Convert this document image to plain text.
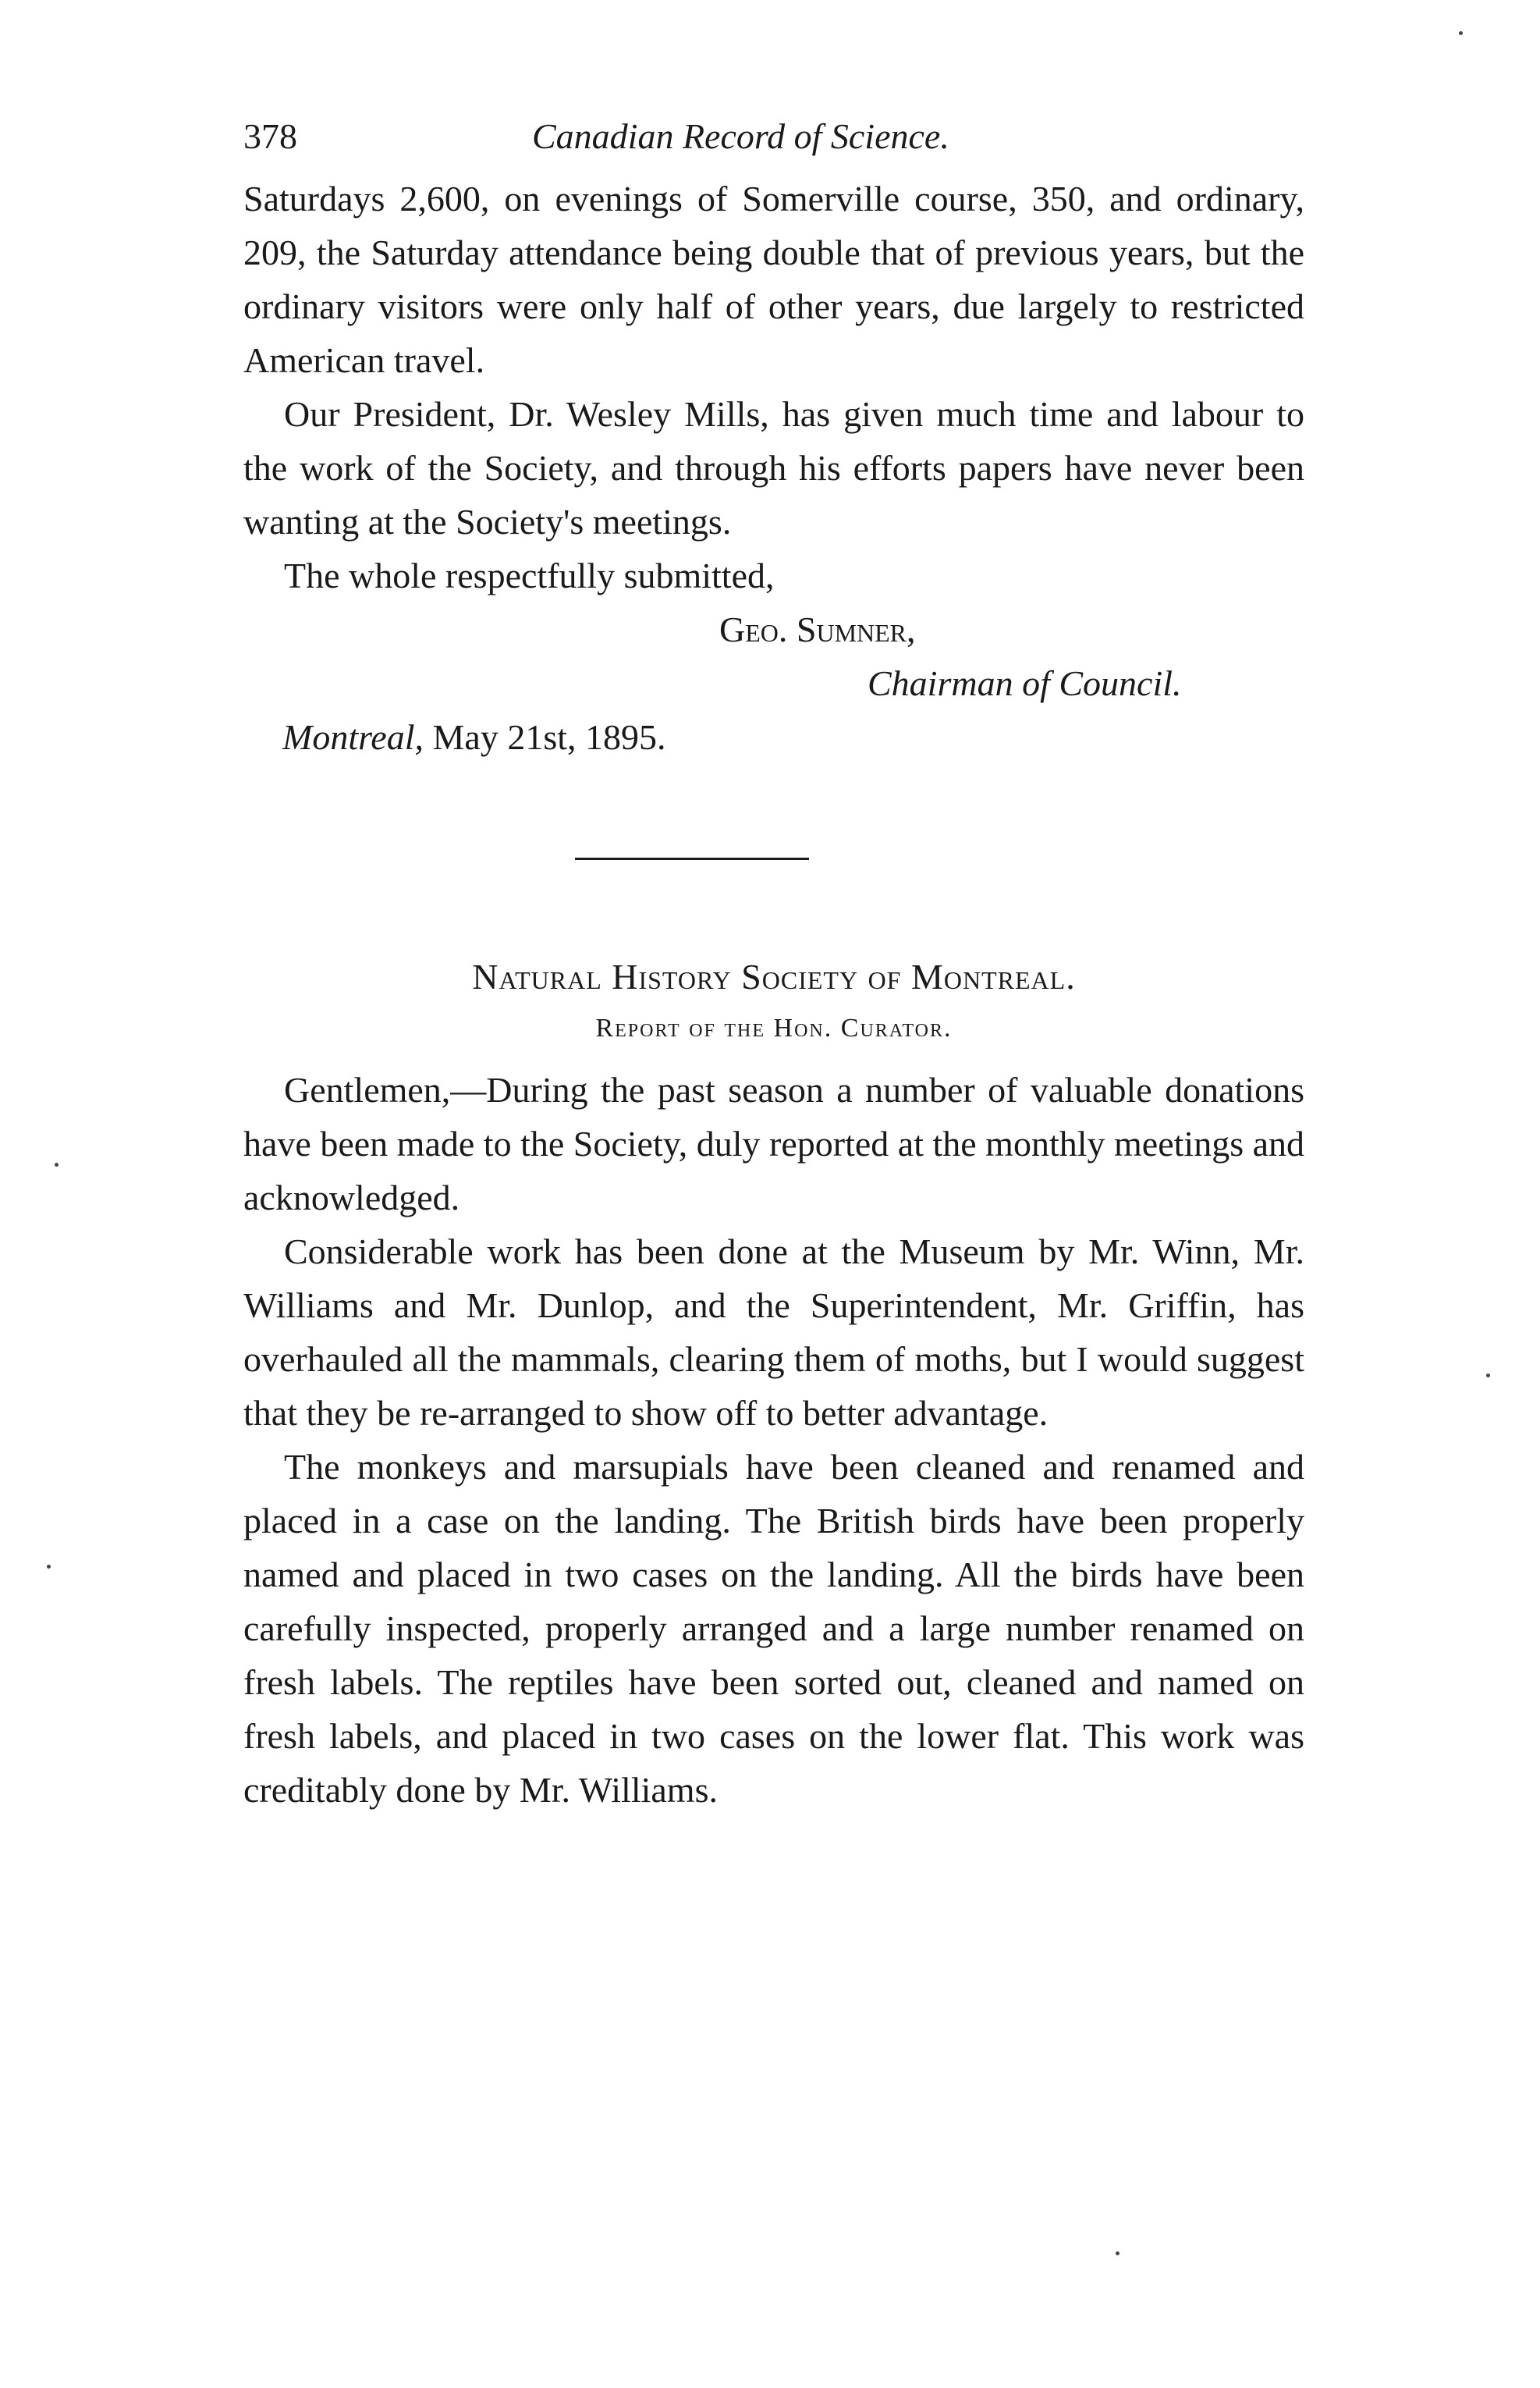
378	Canadian Record of Science.

Saturdays 2,600, on evenings of Somerville course, 350, and ordinary, 209, the Saturday attendance being double that of previous years, but the ordinary visitors were only half of other years, due largely to restricted American travel.

Our President, Dr. Wesley Mills, has given much time and labour to the work of the Society, and through his efforts papers have never been wanting at the Society's meetings.

The whole respectfully submitted,

Geo. Sumner,
Chairman of Council.
Montreal, May 21st, 1895.
Natural History Society of Montreal.
Report of the Hon. Curator.

Gentlemen,—During the past season a number of valuable donations have been made to the Society, duly reported at the monthly meetings and acknowledged.

Considerable work has been done at the Museum by Mr. Winn, Mr. Williams and Mr. Dunlop, and the Superintendent, Mr. Griffin, has overhauled all the mammals, clearing them of moths, but I would suggest that they be re-arranged to show off to better advantage.

The monkeys and marsupials have been cleaned and renamed and placed in a case on the landing. The British birds have been properly named and placed in two cases on the landing. All the birds have been carefully inspected, properly arranged and a large number renamed on fresh labels. The reptiles have been sorted out, cleaned and named on fresh labels, and placed in two cases on the lower flat. This work was creditably done by Mr. Williams.
